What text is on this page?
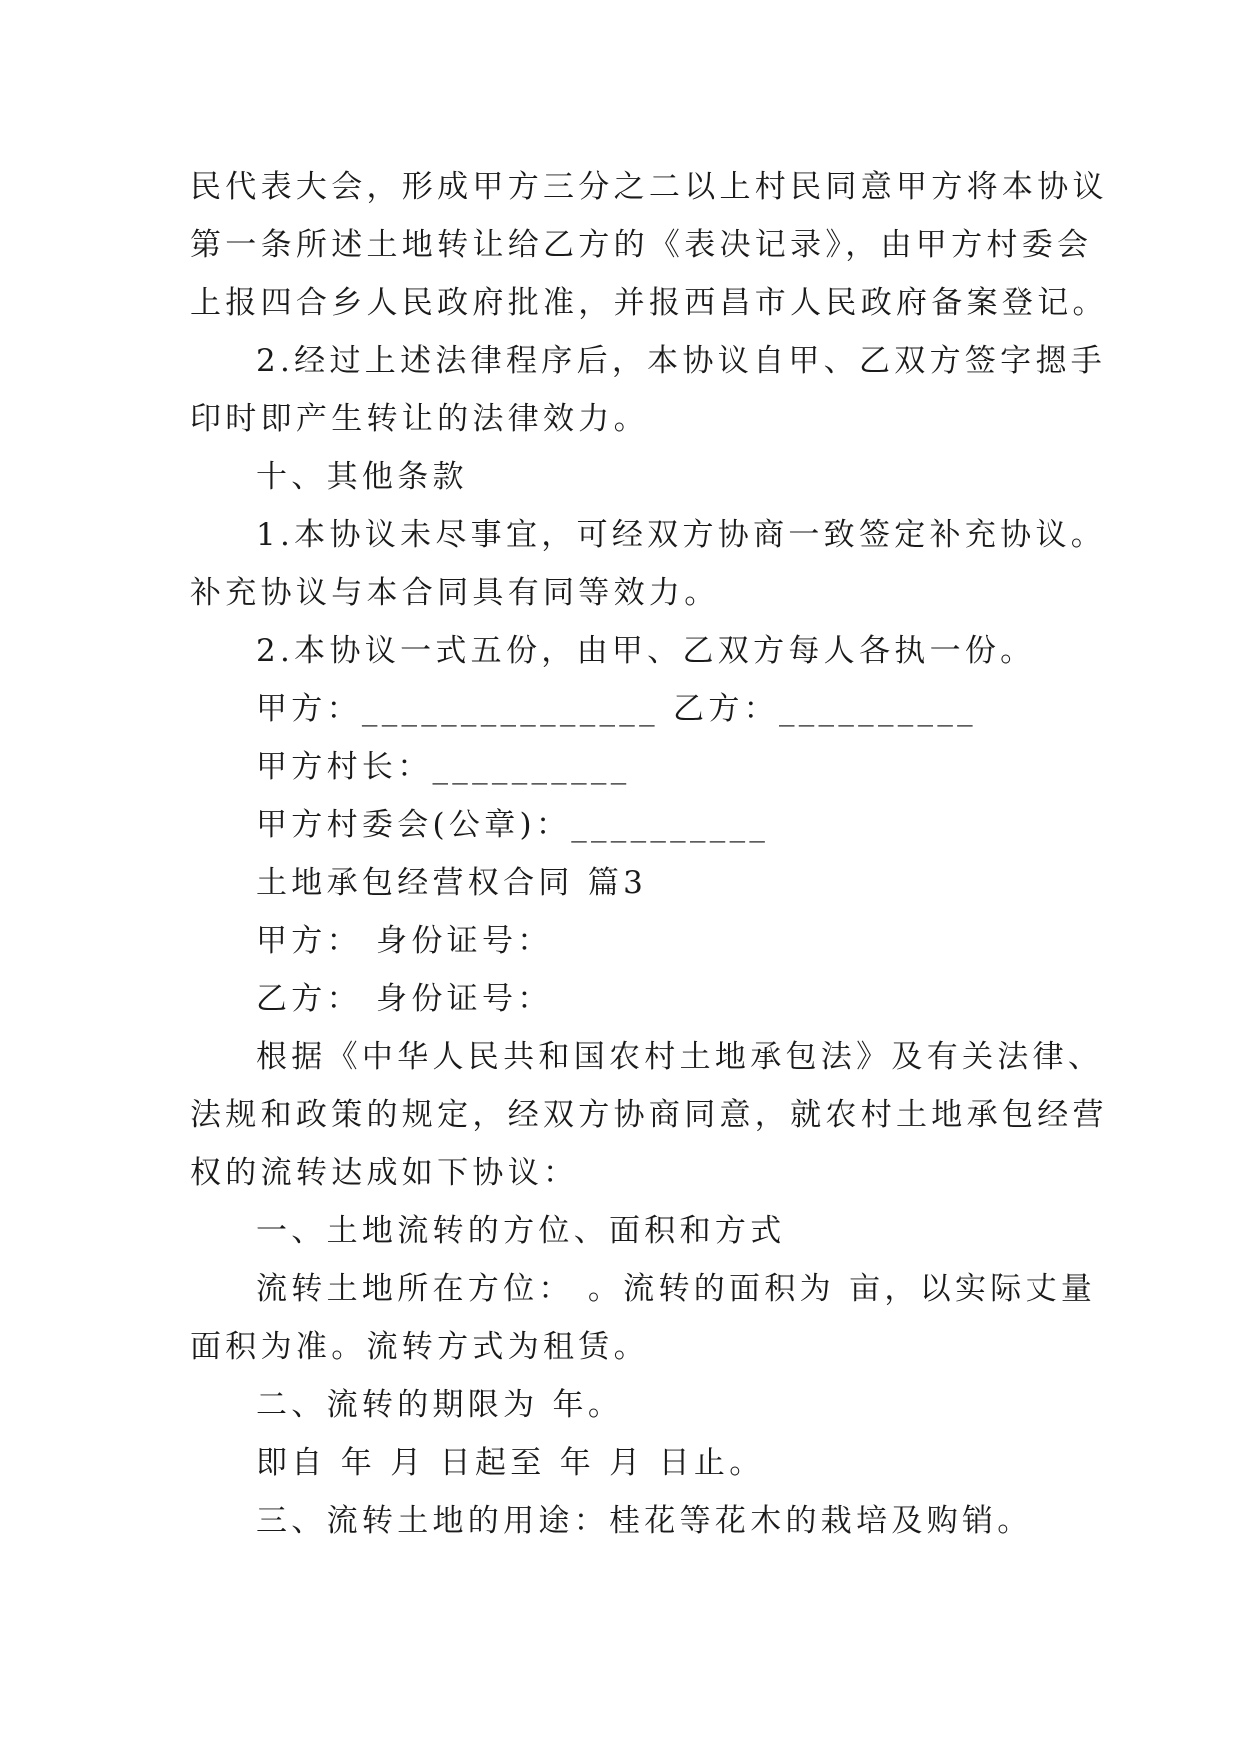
民代表大会，形成甲方三分之二以上村民同意甲方将本协议
第一条所述土地转让给乙方的《表决记录》，由甲方村委会
上报四合乡人民政府批准，并报西昌市人民政府备案登记。
2.经过上述法律程序后，本协议自甲、乙双方签字摁手
印时即产生转让的法律效力。
十、其他条款
1.本协议未尽事宜，可经双方协商一致签定补充协议。
补充协议与本合同具有同等效力。
2.本协议一式五份，由甲、乙双方每人各执一份。
甲方：_______________ 乙方：__________
甲方村长：__________
甲方村委会(公章)：__________
土地承包经营权合同 篇3
甲方： 身份证号：
乙方： 身份证号：
根据《中华人民共和国农村土地承包法》及有关法律、
法规和政策的规定，经双方协商同意，就农村土地承包经营
权的流转达成如下协议：
一、土地流转的方位、面积和方式
流转土地所在方位： 。流转的面积为 亩，以实际丈量
面积为准。流转方式为租赁。
二、流转的期限为 年。
即自 年 月 日起至 年 月 日止。
三、流转土地的用途：桂花等花木的栽培及购销。
